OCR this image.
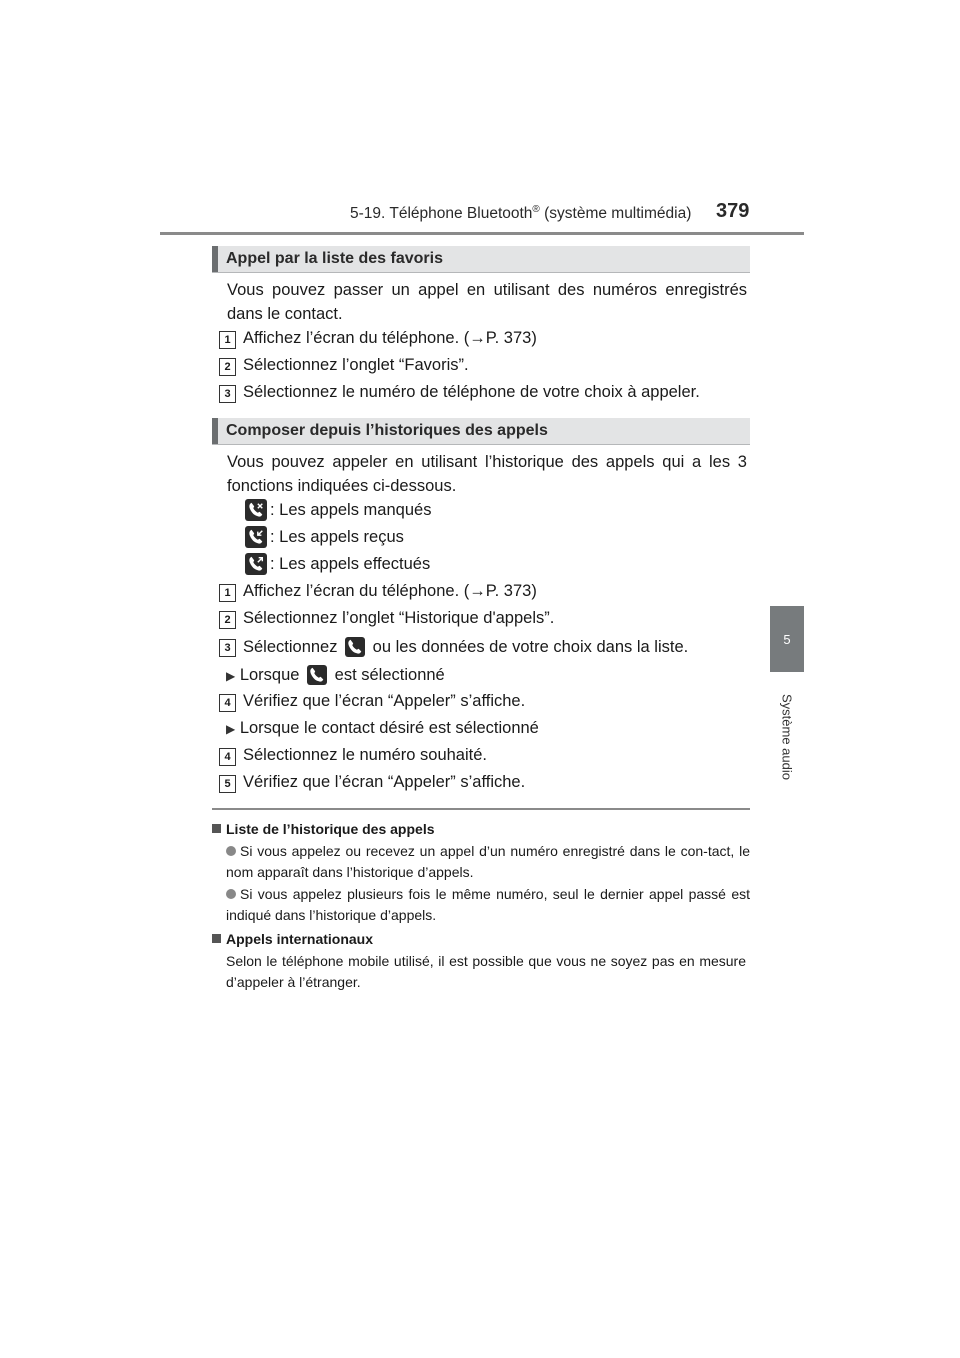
5-19. Téléphone Bluetooth® (système multimédia) 379
5
Système audio
Appel par la liste des favoris
Vous pouvez passer un appel en utilisant des numéros enregistrés dans le contact.
1 Affichez l’écran du téléphone. (→P. 373)
2 Sélectionnez l’onglet “Favoris”.
3 Sélectionnez le numéro de téléphone de votre choix à appeler.
Composer depuis l’historiques des appels
Vous pouvez appeler en utilisant l’historique des appels qui a les 3 fonctions indiquées ci-dessous.
: Les appels manqués
: Les appels reçus
: Les appels effectués
1 Affichez l’écran du téléphone. (→P. 373)
2 Sélectionnez l’onglet “Historique d'appels”.
3 Sélectionnez ou les données de votre choix dans la liste.
▶ Lorsque est sélectionné
4 Vérifiez que l’écran “Appeler” s’affiche.
▶ Lorsque le contact désiré est sélectionné
4 Sélectionnez le numéro souhaité.
5 Vérifiez que l’écran “Appeler” s’affiche.
Liste de l’historique des appels
Si vous appelez ou recevez un appel d’un numéro enregistré dans le con-tact, le nom apparaît dans l’historique d’appels.
Si vous appelez plusieurs fois le même numéro, seul le dernier appel passé est indiqué dans l’historique d’appels.
Appels internationaux
Selon le téléphone mobile utilisé, il est possible que vous ne soyez pas en mesure d’appeler à l’étranger.
